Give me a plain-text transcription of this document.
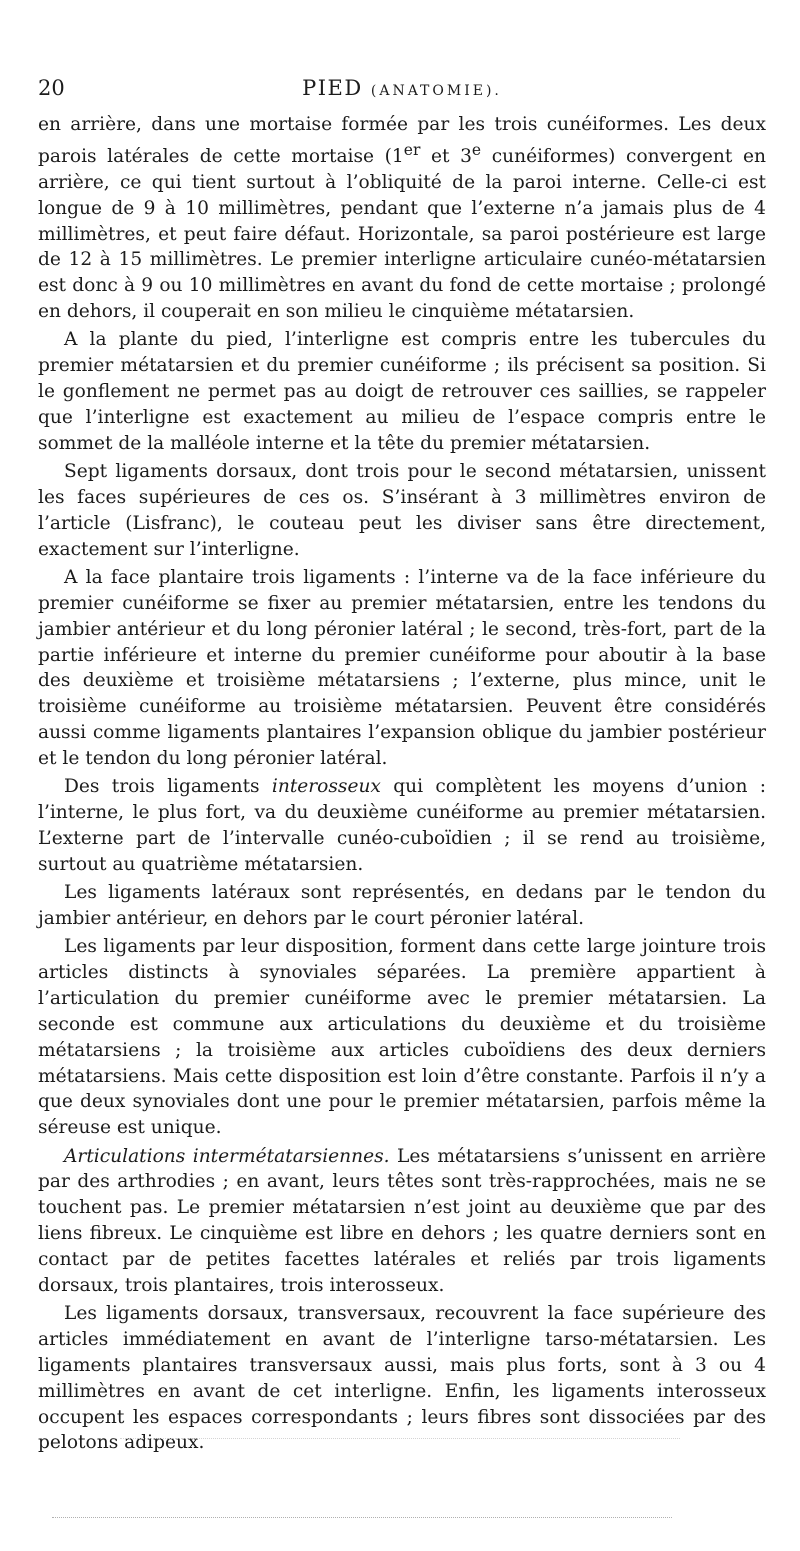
20	PIED (ANATOMIE).

en arrière, dans une mortaise formée par les trois cunéiformes. Les deux parois latérales de cette mortaise (1er et 3e cunéiformes) convergent en arrière, ce qui tient surtout à l’obliquité de la paroi interne. Celle-ci est longue de 9 à 10 millimètres, pendant que l’externe n’a jamais plus de 4 millimètres, et peut faire défaut. Horizontale, sa paroi postérieure est large de 12 à 15 millimètres. Le premier interligne articulaire cunéo-métatarsien est donc à 9 ou 10 millimètres en avant du fond de cette mortaise ; prolongé en dehors, il couperait en son milieu le cinquième métatarsien.

A la plante du pied, l’interligne est compris entre les tubercules du premier métatarsien et du premier cunéiforme ; ils précisent sa position. Si le gonflement ne permet pas au doigt de retrouver ces saillies, se rappeler que l’interligne est exactement au milieu de l’espace compris entre le sommet de la malléole interne et la tête du premier métatarsien.

Sept ligaments dorsaux, dont trois pour le second métatarsien, unissent les faces supérieures de ces os. S’insérant à 3 millimètres environ de l’article (Lisfranc), le couteau peut les diviser sans être directement, exactement sur l’interligne.

A la face plantaire trois ligaments : l’interne va de la face inférieure du premier cunéiforme se fixer au premier métatarsien, entre les tendons du jambier antérieur et du long péronier latéral ; le second, très-fort, part de la partie inférieure et interne du premier cunéiforme pour aboutir à la base des deuxième et troisième métatarsiens ; l’externe, plus mince, unit le troisième cunéiforme au troisième métatarsien. Peuvent être considérés aussi comme ligaments plantaires l’expansion oblique du jambier postérieur et le tendon du long péronier latéral.

Des trois ligaments interosseux qui complètent les moyens d’union : l’interne, le plus fort, va du deuxième cunéiforme au premier métatarsien. L’externe part de l’intervalle cunéo-cuboïdien ; il se rend au troisième, surtout au quatrième métatarsien.

Les ligaments latéraux sont représentés, en dedans par le tendon du jambier antérieur, en dehors par le court péronier latéral.

Les ligaments par leur disposition, forment dans cette large jointure trois articles distincts à synoviales séparées. La première appartient à l’articulation du premier cunéiforme avec le premier métatarsien. La seconde est commune aux articulations du deuxième et du troisième métatarsiens ; la troisième aux articles cuboïdiens des deux derniers métatarsiens. Mais cette disposition est loin d’être constante. Parfois il n’y a que deux synoviales dont une pour le premier métatarsien, parfois même la séreuse est unique.

Articulations intermétatarsiennes. Les métatarsiens s’unissent en arrière par des arthrodies ; en avant, leurs têtes sont très-rapprochées, mais ne se touchent pas. Le premier métatarsien n’est joint au deuxième que par des liens fibreux. Le cinquième est libre en dehors ; les quatre derniers sont en contact par de petites facettes latérales et reliés par trois ligaments dorsaux, trois plantaires, trois interosseux.

Les ligaments dorsaux, transversaux, recouvrent la face supérieure des articles immédiatement en avant de l’interligne tarso-métatarsien. Les ligaments plantaires transversaux aussi, mais plus forts, sont à 3 ou 4 millimètres en avant de cet interligne. Enfin, les ligaments interosseux occupent les espaces correspondants ; leurs fibres sont dissociées par des pelotons adipeux.
